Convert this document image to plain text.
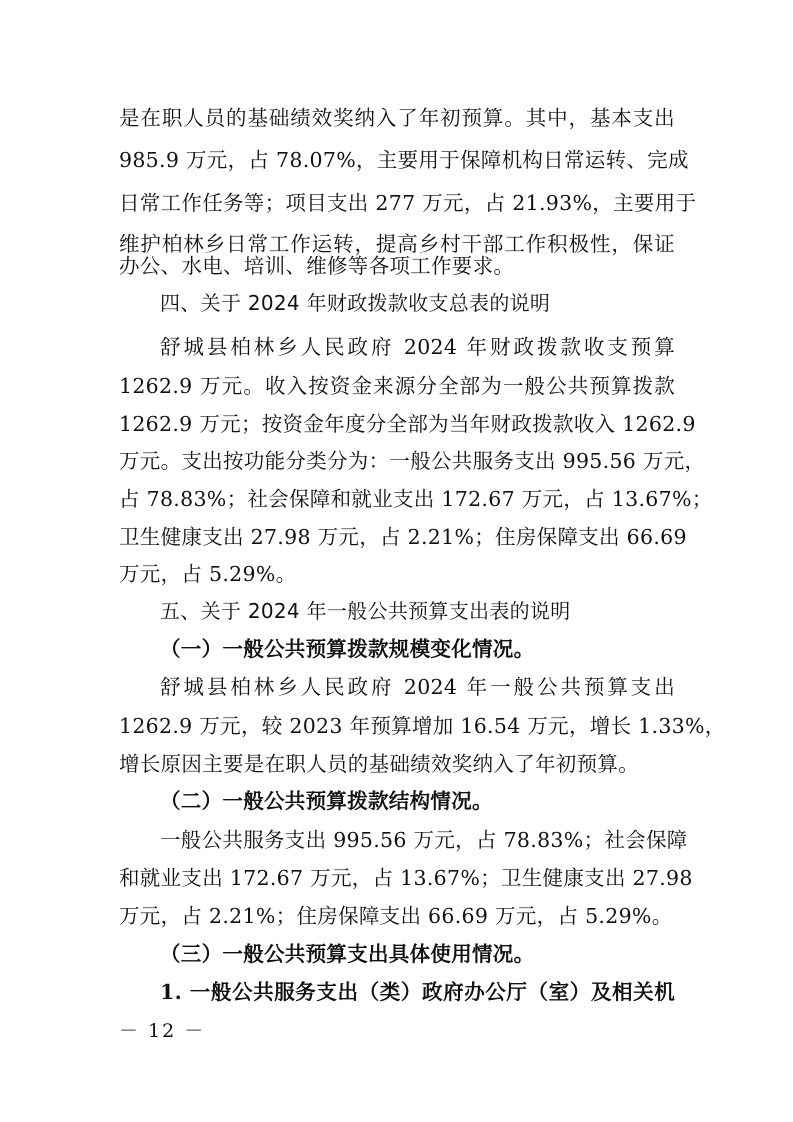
是在职人员的基础绩效奖纳入了年初预算。其中，基本支出

985.9 万元，占 78.07%，主要用于保障机构日常运转、完成

日常工作任务等；项目支出 277 万元，占 21.93%，主要用于

维护柏林乡日常工作运转，提高乡村干部工作积极性，保证

办公、水电、培训、维修等各项工作要求。

四、关于 2024 年财政拨款收支总表的说明

舒城县柏林乡人民政府 2024 年财政拨款收支预算

1262.9 万元。收入按资金来源分全部为一般公共预算拨款

1262.9 万元；按资金年度分全部为当年财政拨款收入 1262.9

万元。支出按功能分类分为：一般公共服务支出 995.56 万元，

占 78.83%；社会保障和就业支出 172.67 万元，占 13.67%；

卫生健康支出 27.98 万元，占 2.21%；住房保障支出 66.69

万元，占 5.29%。

五、关于 2024 年一般公共预算支出表的说明

（一）一般公共预算拨款规模变化情况。

舒城县柏林乡人民政府 2024 年一般公共预算支出

1262.9 万元，较 2023 年预算增加 16.54 万元，增长 1.33%，

增长原因主要是在职人员的基础绩效奖纳入了年初预算。

（二）一般公共预算拨款结构情况。

一般公共服务支出 995.56 万元，占 78.83%；社会保障

和就业支出 172.67 万元，占 13.67%；卫生健康支出 27.98

万元，占 2.21%；住房保障支出 66.69 万元，占 5.29%。

（三）一般公共预算支出具体使用情况。

1. 一般公共服务支出（类）政府办公厅（室）及相关机

－ 12 －
